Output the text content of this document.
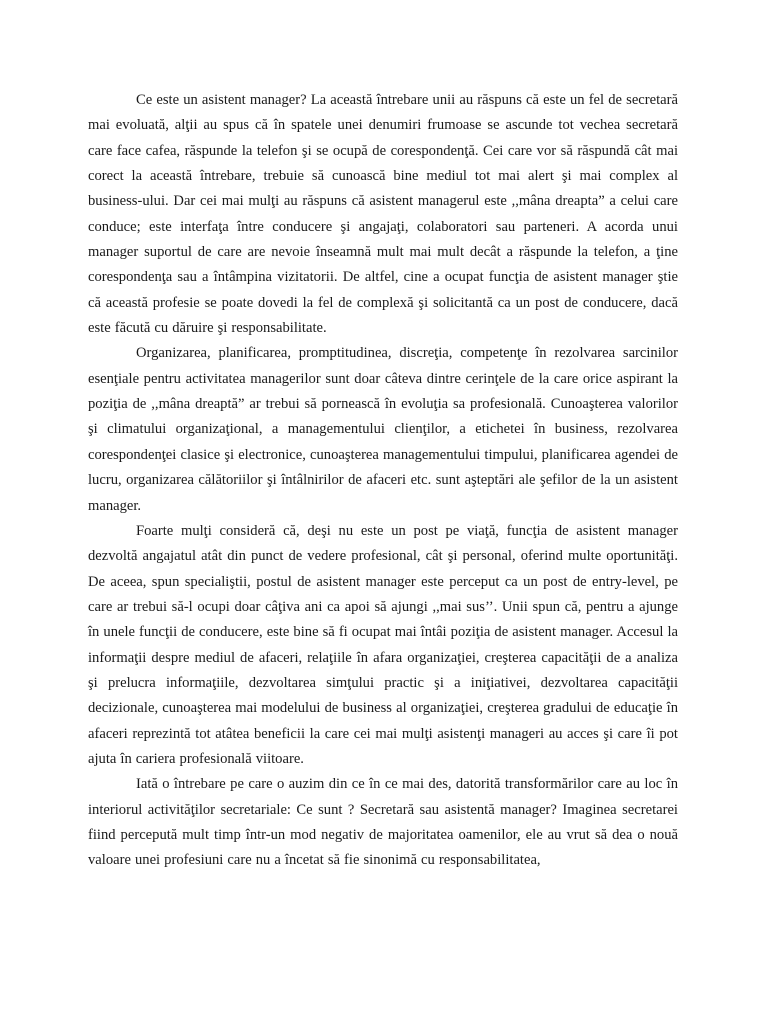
Ce este un asistent manager? La această întrebare unii au răspuns că este un fel de secretară mai evoluată, alţii au spus că în spatele unei denumiri frumoase se ascunde tot vechea secretară care face cafea, răspunde la telefon şi se ocupă de corespondenţă. Cei care vor să răspundă cât mai corect la această întrebare, trebuie să cunoască bine mediul tot mai alert şi mai complex al business-ului. Dar cei mai mulţi au răspuns că asistent managerul este ,,mâna dreapta” a celui care conduce; este interfaţa între conducere şi angajaţi, colaboratori sau parteneri. A acorda unui manager suportul de care are nevoie înseamnă mult mai mult decât a răspunde la telefon, a ţine corespondenţa sau a întâmpina vizitatorii. De altfel, cine a ocupat funcţia de asistent manager ştie că această profesie se poate dovedi la fel de complexă şi solicitantă ca un post de conducere, dacă este făcută cu dăruire şi responsabilitate.

Organizarea, planificarea, promptitudinea, discreţia, competenţe în rezolvarea sarcinilor esenţiale pentru activitatea managerilor sunt doar câteva dintre cerinţele de la care orice aspirant la poziţia de ,,mâna dreaptă” ar trebui să pornească în evoluţia sa profesională. Cunoaşterea valorilor şi climatului organizaţional, a managementului clienţilor, a etichetei în business, rezolvarea corespondenţei clasice şi electronice, cunoaşterea managementului timpului, planificarea agendei de lucru, organizarea călătoriilor şi întâlnirilor de afaceri etc. sunt aşteptări ale şefilor de la un asistent manager.

Foarte mulţi consideră că, deşi nu este un post pe viaţă, funcţia de asistent manager dezvoltă angajatul atât din punct de vedere profesional, cât şi personal, oferind multe oportunităţi. De aceea, spun specialiştii, postul de asistent manager este perceput ca un post de entry-level, pe care ar trebui să-l ocupi doar câţiva ani ca apoi să ajungi ,,mai sus’’. Unii spun că, pentru a ajunge în unele funcţii de conducere, este bine să fi ocupat mai întâi poziţia de asistent manager. Accesul la informaţii despre mediul de afaceri, relaţiile în afara organizaţiei, creşterea capacităţii de a analiza şi prelucra informaţiile, dezvoltarea simţului practic şi a iniţiativei, dezvoltarea capacităţii decizionale, cunoaşterea mai modelului de business al organizaţiei, creşterea gradului de educaţie în afaceri reprezintă tot atâtea beneficii la care cei mai mulţi asistenţi manageri au acces şi care îi pot ajuta în cariera profesională viitoare.

Iată o întrebare pe care o auzim din ce în ce mai des, datorită transformărilor care au loc în interiorul activităţilor secretariale: Ce sunt ? Secretară sau asistentă manager? Imaginea secretarei fiind percepută mult timp într-un mod negativ de majoritatea oamenilor, ele au vrut să dea o nouă valoare unei profesiuni care nu a încetat să fie sinonimă cu responsabilitatea,
